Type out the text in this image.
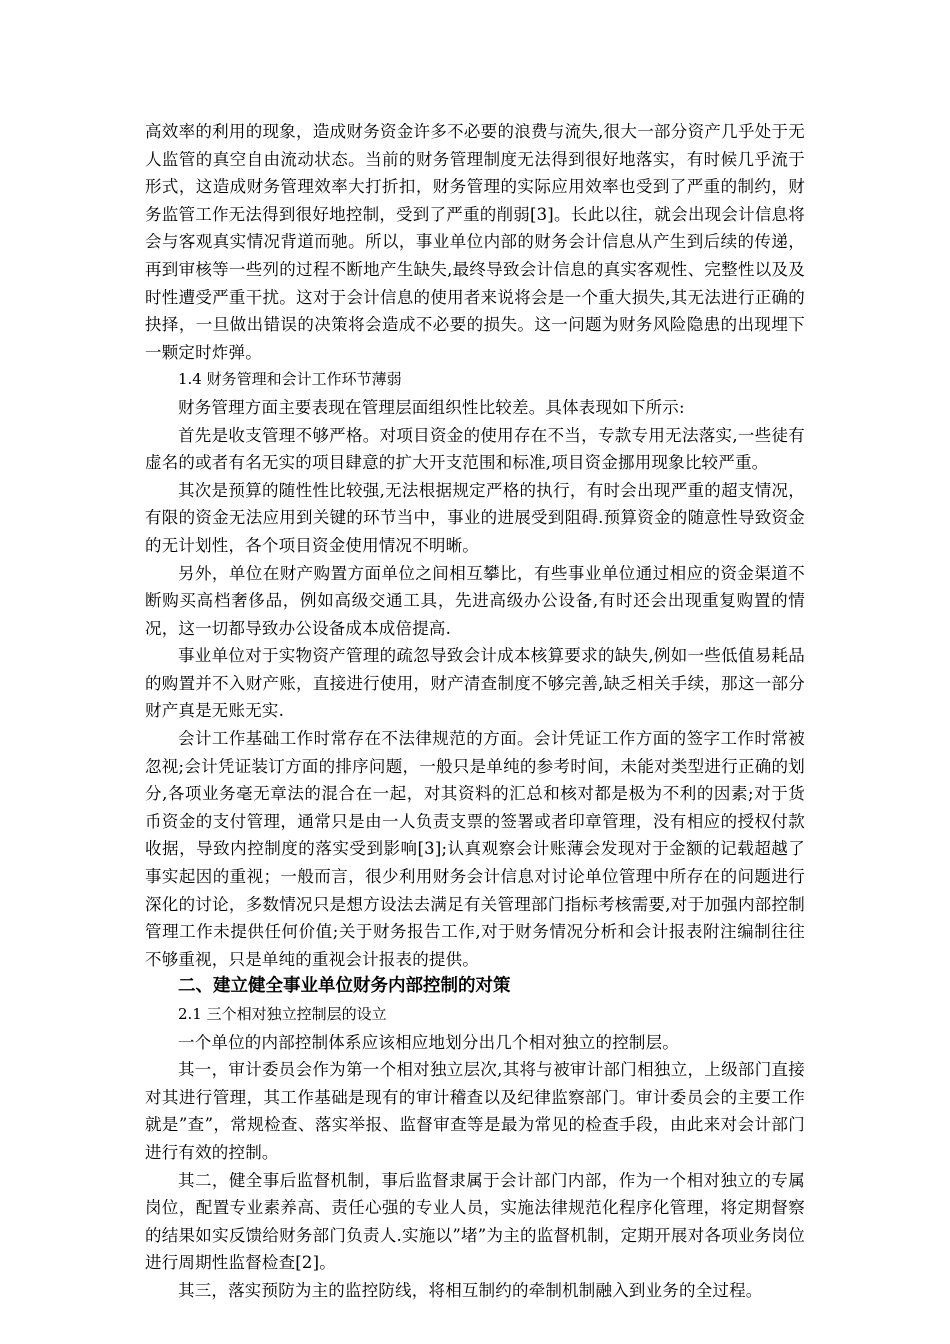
高效率的利用的现象，造成财务资金许多不必要的浪费与流失,很大一部分资产几乎处于无人监管的真空自由流动状态。当前的财务管理制度无法得到很好地落实，有时候几乎流于形式，这造成财务管理效率大打折扣，财务管理的实际应用效率也受到了严重的制约，财务监管工作无法得到很好地控制，受到了严重的削弱[3]。长此以往，就会出现会计信息将会与客观真实情况背道而驰。所以，事业单位内部的财务会计信息从产生到后续的传递，再到审核等一些列的过程不断地产生缺失,最终导致会计信息的真实客观性、完整性以及及时性遭受严重干扰。这对于会计信息的使用者来说将会是一个重大损失,其无法进行正确的抉择，一旦做出错误的决策将会造成不必要的损失。这一问题为财务风险隐患的出现埋下一颗定时炸弹。

1.4 财务管理和会计工作环节薄弱

财务管理方面主要表现在管理层面组织性比较差。具体表现如下所示:

首先是收支管理不够严格。对项目资金的使用存在不当，专款专用无法落实,一些徒有虚名的或者有名无实的项目肆意的扩大开支范围和标准,项目资金挪用现象比较严重。

其次是预算的随性性比较强,无法根据规定严格的执行，有时会出现严重的超支情况，有限的资金无法应用到关键的环节当中，事业的进展受到阻碍.预算资金的随意性导致资金的无计划性，各个项目资金使用情况不明晰。

另外，单位在财产购置方面单位之间相互攀比，有些事业单位通过相应的资金渠道不断购买高档奢侈品，例如高级交通工具，先进高级办公设备,有时还会出现重复购置的情况，这一切都导致办公设备成本成倍提高.

事业单位对于实物资产管理的疏忽导致会计成本核算要求的缺失,例如一些低值易耗品的购置并不入财产账，直接进行使用，财产清查制度不够完善,缺乏相关手续，那这一部分财产真是无账无实.

会计工作基础工作时常存在不法律规范的方面。会计凭证工作方面的签字工作时常被忽视;会计凭证装订方面的排序问题，一般只是单纯的参考时间，未能对类型进行正确的划分,各项业务毫无章法的混合在一起，对其资料的汇总和核对都是极为不利的因素;对于货币资金的支付管理，通常只是由一人负责支票的签署或者印章管理，没有相应的授权付款收据，导致内控制度的落实受到影响[3];认真观察会计账薄会发现对于金额的记载超越了事实起因的重视；一般而言，很少利用财务会计信息对讨论单位管理中所存在的问题进行深化的讨论，多数情况只是想方设法去满足有关管理部门指标考核需要,对于加强内部控制管理工作未提供任何价值;关于财务报告工作,对于财务情况分析和会计报表附注编制往往不够重视，只是单纯的重视会计报表的提供。

二、建立健全事业单位财务内部控制的对策

2.1 三个相对独立控制层的设立

一个单位的内部控制体系应该相应地划分出几个相对独立的控制层。

其一，审计委员会作为第一个相对独立层次,其将与被审计部门相独立，上级部门直接对其进行管理，其工作基础是现有的审计稽查以及纪律监察部门。审计委员会的主要工作就是”查”，常规检查、落实举报、监督审查等是最为常见的检查手段，由此来对会计部门进行有效的控制。

其二，健全事后监督机制，事后监督隶属于会计部门内部，作为一个相对独立的专属岗位，配置专业素养高、责任心强的专业人员，实施法律规范化程序化管理，将定期督察的结果如实反馈给财务部门负责人.实施以”堵”为主的监督机制，定期开展对各项业务岗位进行周期性监督检查[2]。

其三，落实预防为主的监控防线，将相互制约的牵制机制融入到业务的全过程。
